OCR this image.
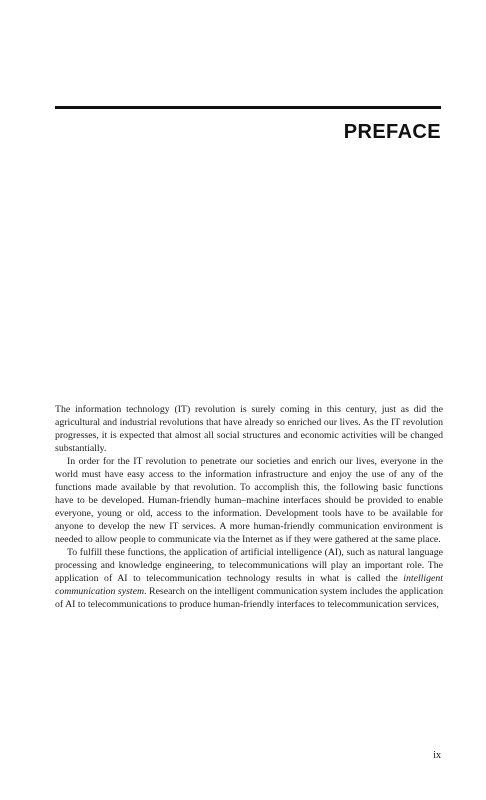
PREFACE

The information technology (IT) revolution is surely coming in this century, just as did the agricultural and industrial revolutions that have already so enriched our lives. As the IT revolution progresses, it is expected that almost all social structures and economic activities will be changed substantially.

In order for the IT revolution to penetrate our societies and enrich our lives, everyone in the world must have easy access to the information infrastructure and enjoy the use of any of the functions made available by that revolution. To accomplish this, the following basic functions have to be developed. Human-friendly human–machine interfaces should be provided to enable everyone, young or old, access to the information. Development tools have to be available for anyone to develop the new IT services. A more human-friendly communication environment is needed to allow people to communicate via the Internet as if they were gathered at the same place.

To fulfill these functions, the application of artificial intelligence (AI), such as natural language processing and knowledge engineering, to telecommunications will play an important role. The application of AI to telecommunication technology results in what is called the intelligent communication system. Research on the intelligent communication system includes the application of AI to telecommunications to produce human-friendly interfaces to telecommunication services,

ix
